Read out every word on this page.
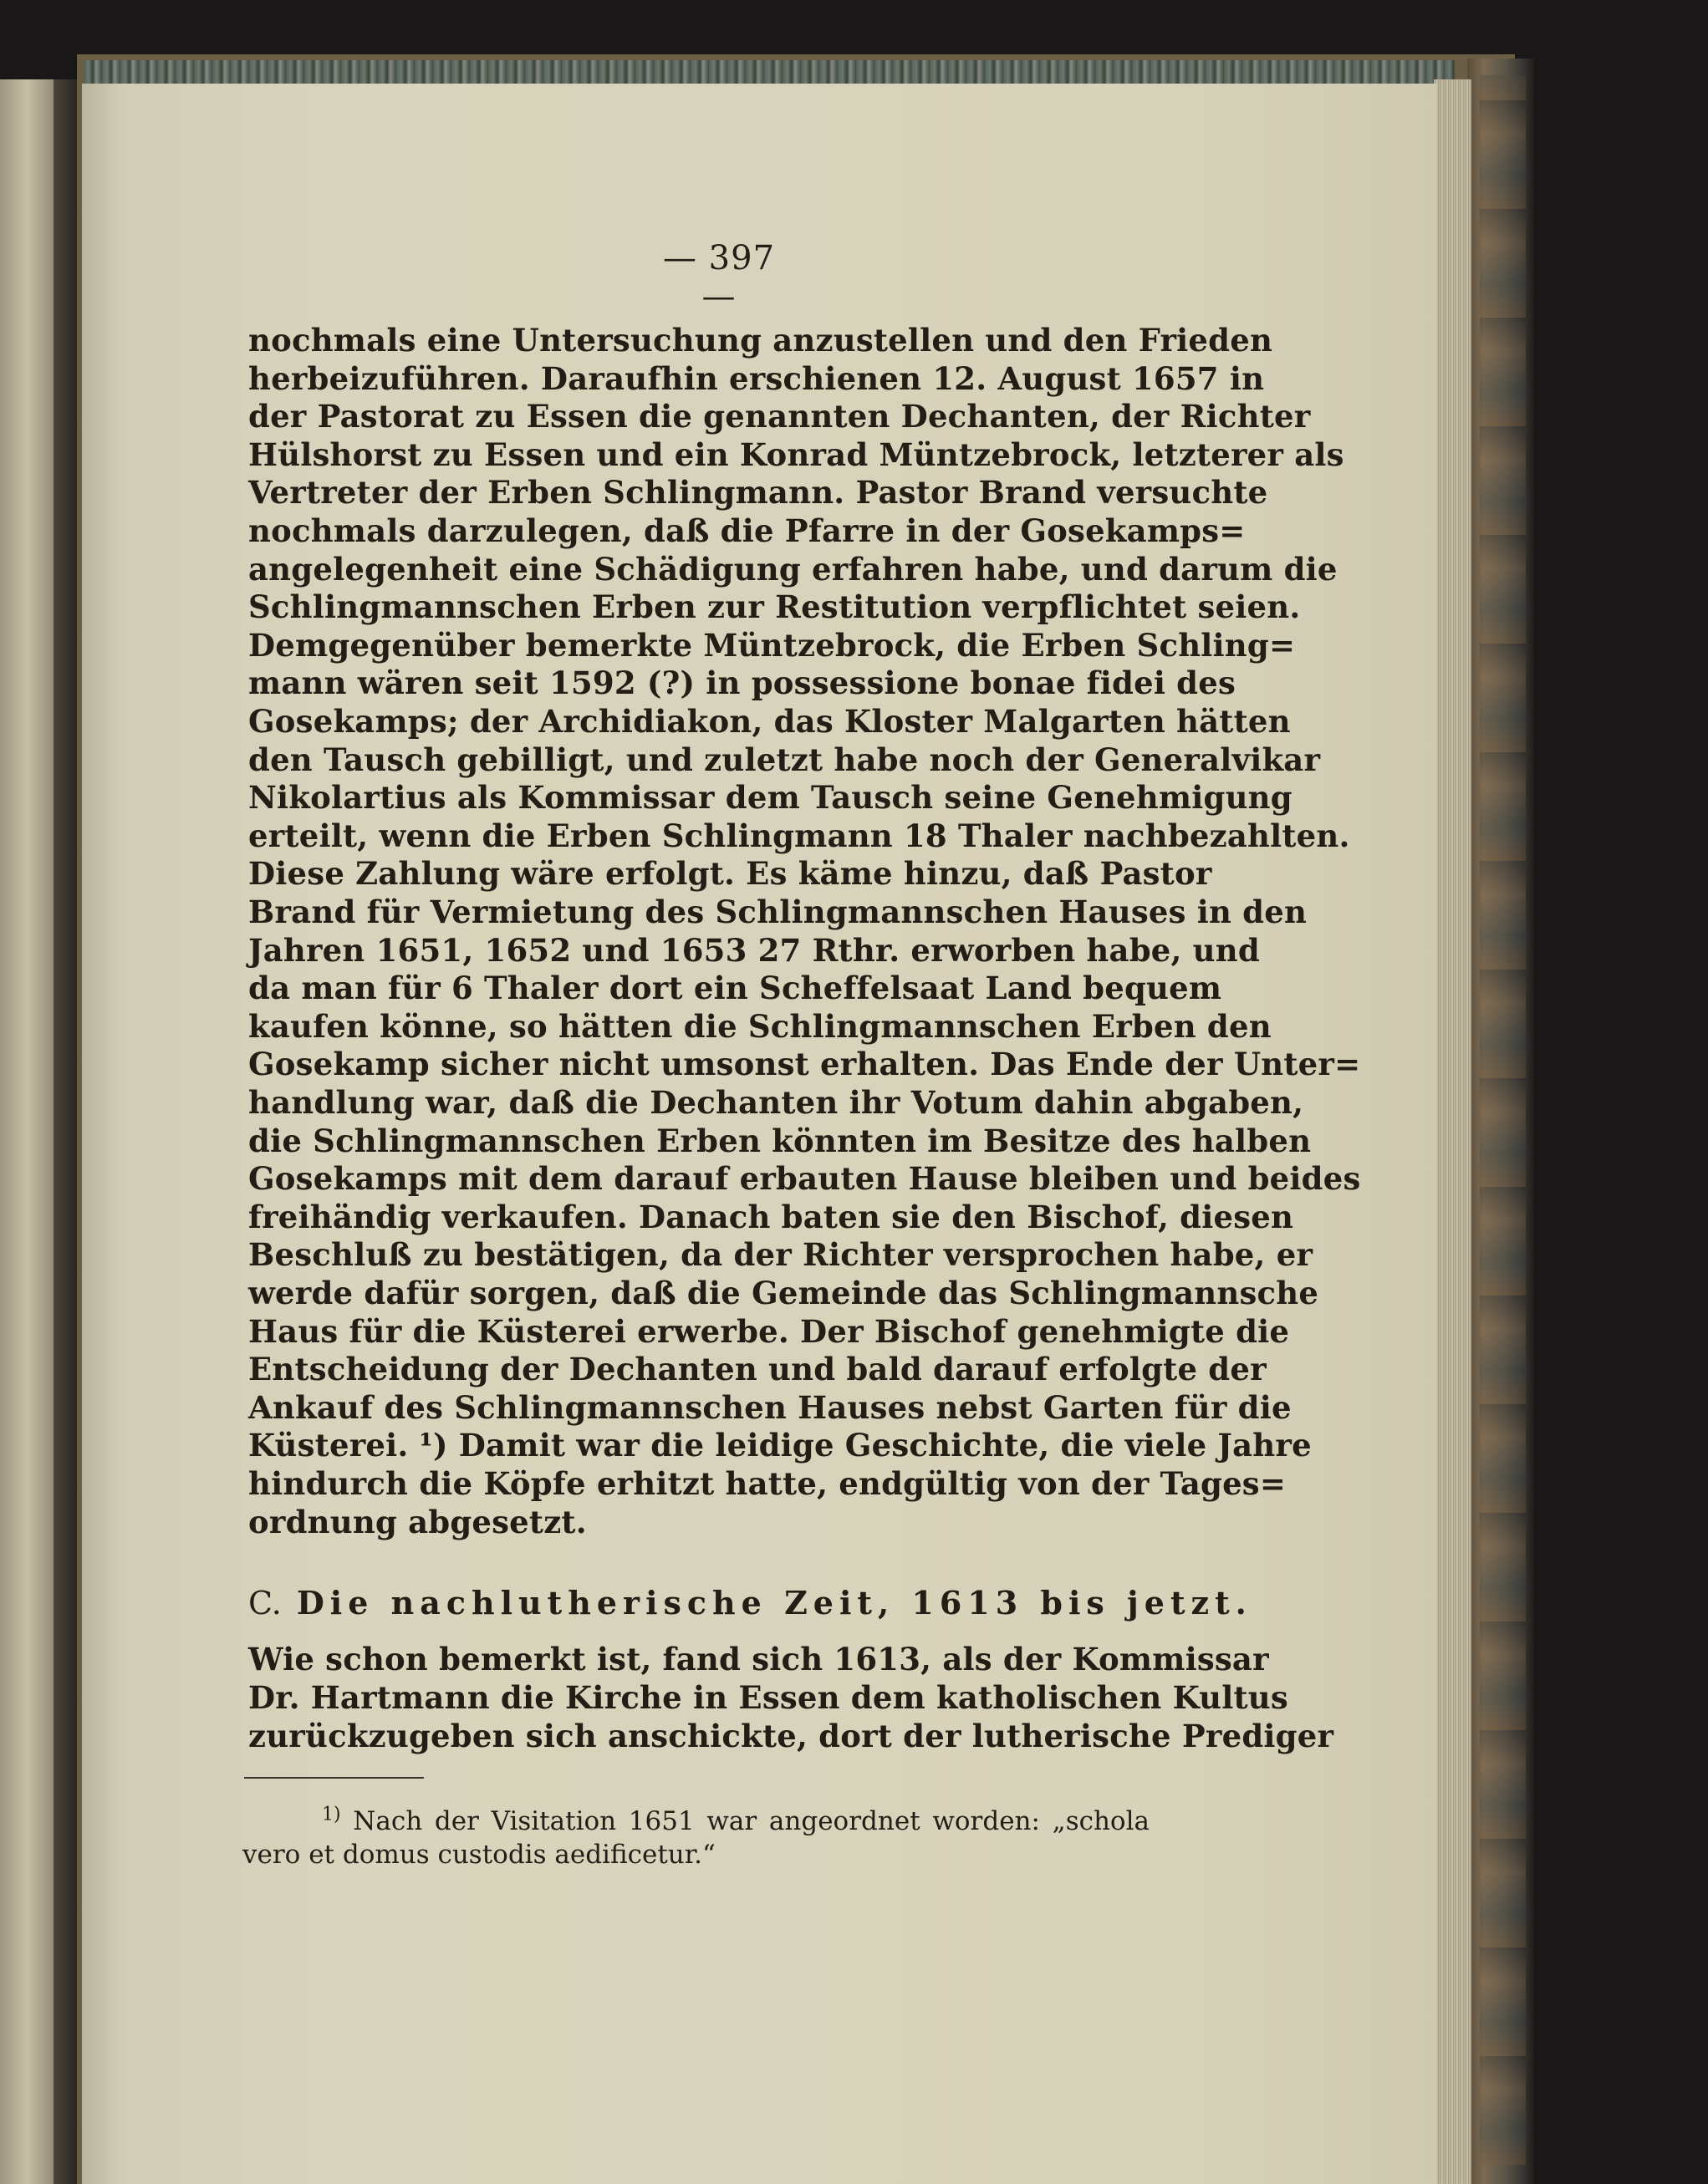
— 397 —
nochmals eine Untersuchung anzustellen und den Frieden
herbeizuführen. Daraufhin erschienen 12. August 1657 in
der Pastorat zu Essen die genannten Dechanten, der Richter
Hülshorst zu Essen und ein Konrad Müntzebrock, letzterer als
Vertreter der Erben Schlingmann. Pastor Brand versuchte
nochmals darzulegen, daß die Pfarre in der Gosekamps=
angelegenheit eine Schädigung erfahren habe, und darum die
Schlingmannschen Erben zur Restitution verpflichtet seien.
Demgegenüber bemerkte Müntzebrock, die Erben Schling=
mann wären seit 1592 (?) in possessione bonae fidei des
Gosekamps; der Archidiakon, das Kloster Malgarten hätten
den Tausch gebilligt, und zuletzt habe noch der Generalvikar
Nikolartius als Kommissar dem Tausch seine Genehmigung
erteilt, wenn die Erben Schlingmann 18 Thaler nachbezahlten.
Diese Zahlung wäre erfolgt. Es käme hinzu, daß Pastor
Brand für Vermietung des Schlingmannschen Hauses in den
Jahren 1651, 1652 und 1653 27 Rthr. erworben habe, und
da man für 6 Thaler dort ein Scheffelsaat Land bequem
kaufen könne, so hätten die Schlingmannschen Erben den
Gosekamp sicher nicht umsonst erhalten. Das Ende der Unter=
handlung war, daß die Dechanten ihr Votum dahin abgaben,
die Schlingmannschen Erben könnten im Besitze des halben
Gosekamps mit dem darauf erbauten Hause bleiben und beides
freihändig verkaufen. Danach baten sie den Bischof, diesen
Beschluß zu bestätigen, da der Richter versprochen habe, er
werde dafür sorgen, daß die Gemeinde das Schlingmannsche
Haus für die Küsterei erwerbe. Der Bischof genehmigte die
Entscheidung der Dechanten und bald darauf erfolgte der
Ankauf des Schlingmannschen Hauses nebst Garten für die
Küsterei. ¹) Damit war die leidige Geschichte, die viele Jahre
hindurch die Köpfe erhitzt hatte, endgültig von der Tages=
ordnung abgesetzt.
C. Die nachlutherische Zeit, 1613 bis jetzt.
Wie schon bemerkt ist, fand sich 1613, als der Kommissar
Dr. Hartmann die Kirche in Essen dem katholischen Kultus
zurückzugeben sich anschickte, dort der lutherische Prediger
$^{1)}$ Nach der Visitation 1651 war angeordnet worden: „schola
vero et domus custodis aedificetur.“
